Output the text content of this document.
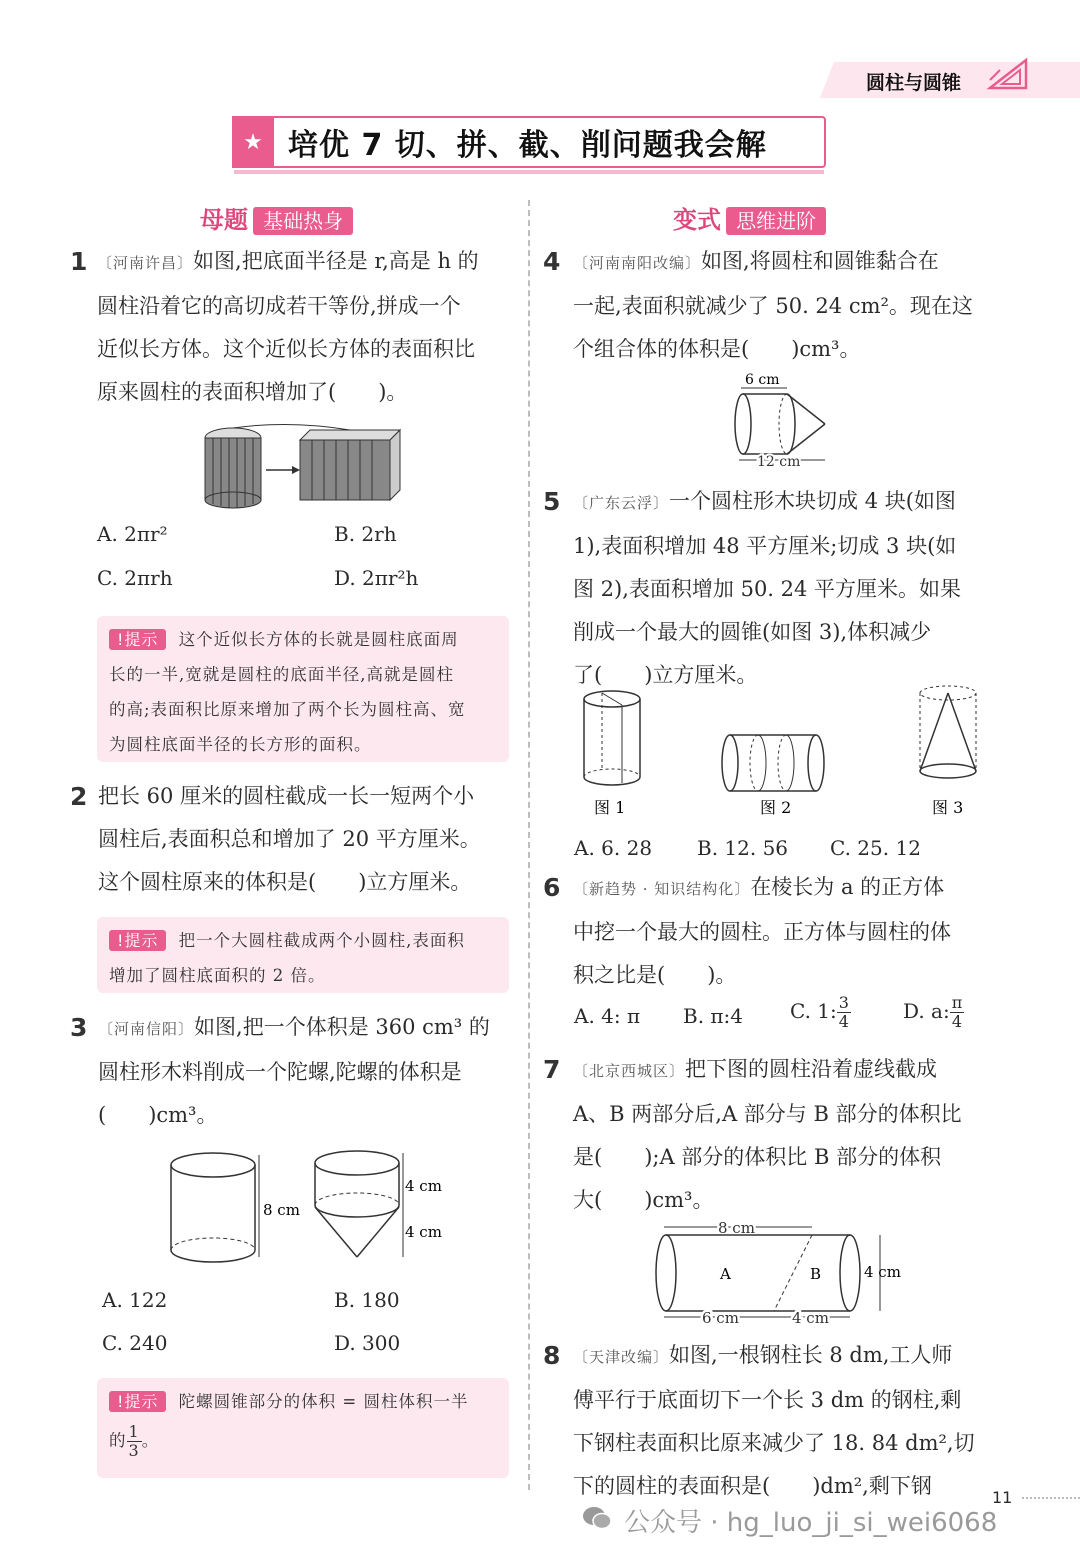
圆柱与圆锥
★ 培优 7 切、拼、截、削问题我会解
母题 基础热身	变式 思维进阶
1 〔河南许昌〕如图,把底面半径是 r,高是 h 的
圆柱沿着它的高切成若干等份,拼成一个
近似长方体。这个近似长方体的表面积比
原来圆柱的表面积增加了(　　)。
A. 2πr²	B. 2rh
C. 2πrh	D. 2πr²h
!提示 这个近似长方体的长就是圆柱底面周
长的一半,宽就是圆柱的底面半径,高就是圆柱
的高;表面积比原来增加了两个长为圆柱高、宽
为圆柱底面半径的长方形的面积。
2 把长 60 厘米的圆柱截成一长一短两个小
圆柱后,表面积总和增加了 20 平方厘米。
这个圆柱原来的体积是(　　)立方厘米。
!提示 把一个大圆柱截成两个小圆柱,表面积
增加了圆柱底面积的 2 倍。
3 〔河南信阳〕如图,把一个体积是 360 cm³ 的
圆柱形木料削成一个陀螺,陀螺的体积是
(　　)cm³。
8 cm
4 cm
4 cm
A. 122	B. 180
C. 240	D. 300
!提示 陀螺圆锥部分的体积 = 圆柱体积一半
的 $\frac{1}{3}$ 。
4 〔河南南阳改编〕如图,将圆柱和圆锥黏合在
一起,表面积就减少了 50. 24 cm²。现在这
个组合体的体积是(　　)cm³。
6 cm
12 cm
5 〔广东云浮〕一个圆柱形木块切成 4 块(如图
1),表面积增加 48 平方厘米;切成 3 块(如
图 2),表面积增加 50. 24 平方厘米。如果
削成一个最大的圆锥(如图 3),体积减少
了(　　)立方厘米。
图 1	图 2	图 3
A. 6. 28 B. 12. 56 C. 25. 12
6 〔新趋势 · 知识结构化〕在棱长为 a 的正方体
中挖一个最大的圆柱。正方体与圆柱的体
积之比是(　　)。
A. 4: π B. π:4 C. 1: $\frac{3}{4}$	D. a: $\frac{\pi}{4}$
7 〔北京西城区〕把下图的圆柱沿着虚线截成
A、B 两部分后,A 部分与 B 部分的体积比
是(　　);A 部分的体积比 B 部分的体积
大(　　)cm³。
8 cm
A	B	4 cm
6 cm	4 cm
8 〔天津改编〕如图,一根钢柱长 8 dm,工人师
傅平行于底面切下一个长 3 dm 的钢柱,剩
下钢柱表面积比原来减少了 18. 84 dm²,切
下的圆柱的表面积是(　　)dm²,剩下钢	11
公众号 · hg_luo_ji_si_wei6068
